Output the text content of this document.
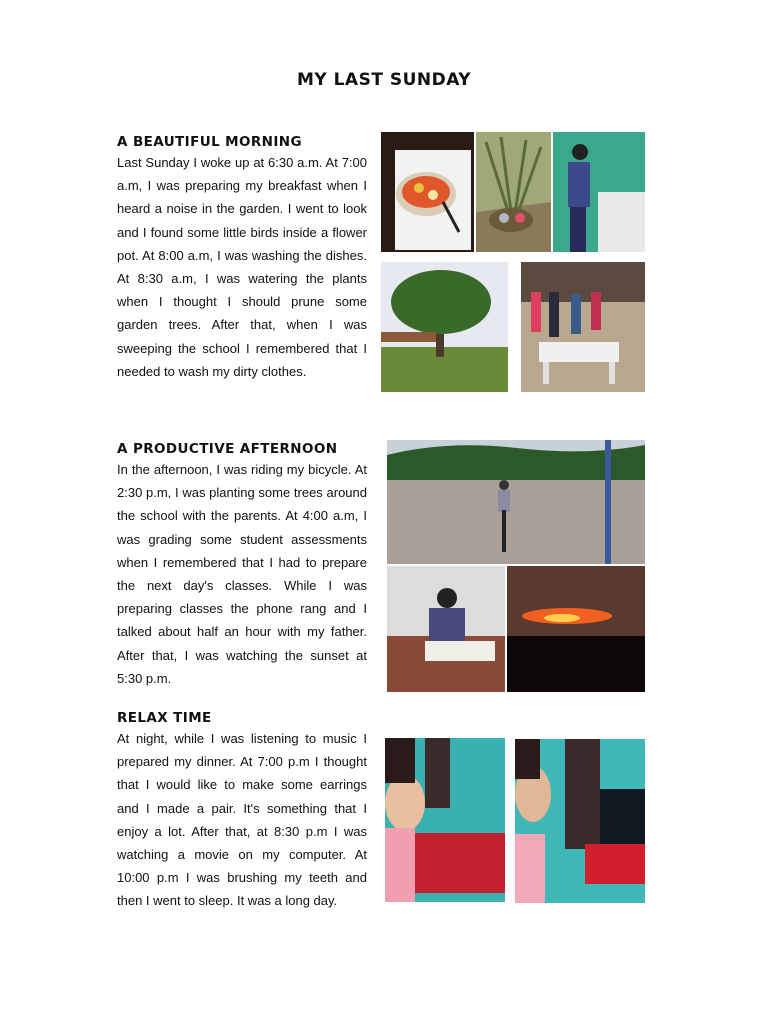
MY LAST SUNDAY
A BEAUTIFUL MORNING

Last Sunday I woke up at 6:30 a.m. At 7:00 a.m, I was preparing my breakfast when I heard a noise in the garden. I went to look and I found some little birds inside a flower pot. At 8:00 a.m, I was washing the dishes. At 8:30 a.m, I was watering the plants when I thought I should prune some garden trees. After that, when I was sweeping the school I remembered that I needed to wash my dirty clothes.

A PRODUCTIVE AFTERNOON

In the afternoon, I was riding my bicycle. At 2:30 p.m, I was planting some trees around the school with the parents. At 4:00 a.m, I was grading some student assessments when I remembered that I had to prepare the next day's classes. While I was preparing classes the phone rang and I talked about half an hour with my father. After that, I was watching the sunset at 5:30 p.m.

RELAX TIME

At night, while I was listening to music I prepared my dinner. At 7:00 p.m I thought that I would like to make some earrings and I made a pair. It's something that I enjoy a lot. After that, at 8:30 p.m I was watching a movie on my computer. At 10:00 p.m I was brushing my teeth and then I went to sleep. It was a long day.
